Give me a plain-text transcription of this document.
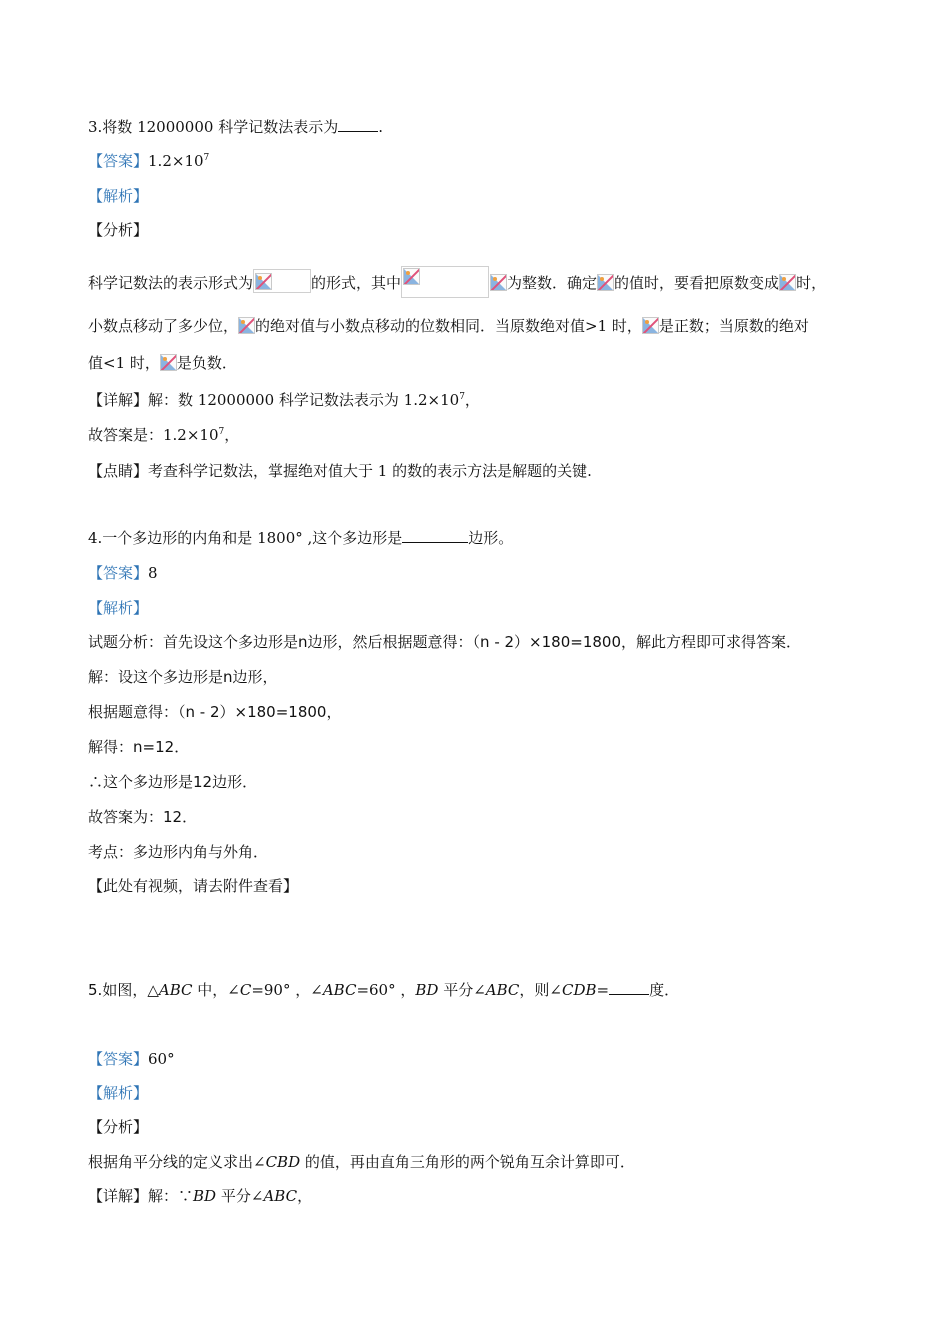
3.将数 12000000 科学记数法表示为	.
【答案】$1.2\times 10^7$
【解析】
【分析】
科学记数法的表示形式为	的形式，其中	为整数．确定 的值时，要看把原数变成 时，
小数点移动了多少位， 的绝对值与小数点移动的位数相同．当原数绝对值>1 时， 是正数；当原数的绝对
值<1 时， 是负数．
【详解】解：数 12000000 科学记数法表示为 $1.2\times 10^7$，
故答案是：$1.2\times 10^7$，
【点睛】考查科学记数法，掌握绝对值大于 1 的数的表示方法是解题的关键.
4.一个多边形的内角和是 1800° ,这个多边形是	边形。
【答案】8
【解析】
试题分析：首先设这个多边形是n边形，然后根据题意得：（n - 2）×180=1800，解此方程即可求得答案．
解：设这个多边形是n边形，
根据题意得：（n - 2）×180=1800，
解得：n=12．
∴这个多边形是12边形．
故答案为：12．
考点：多边形内角与外角．
【此处有视频，请去附件查看】
5.如图，△ABC 中，∠C=90° ，∠ABC=60° ，BD 平分∠ABC，则∠CDB=	度．
【答案】60°
【解析】
【分析】
根据角平分线的定义求出∠CBD 的值，再由直角三角形的两个锐角互余计算即可．
【详解】解：∵BD 平分∠ABC，
